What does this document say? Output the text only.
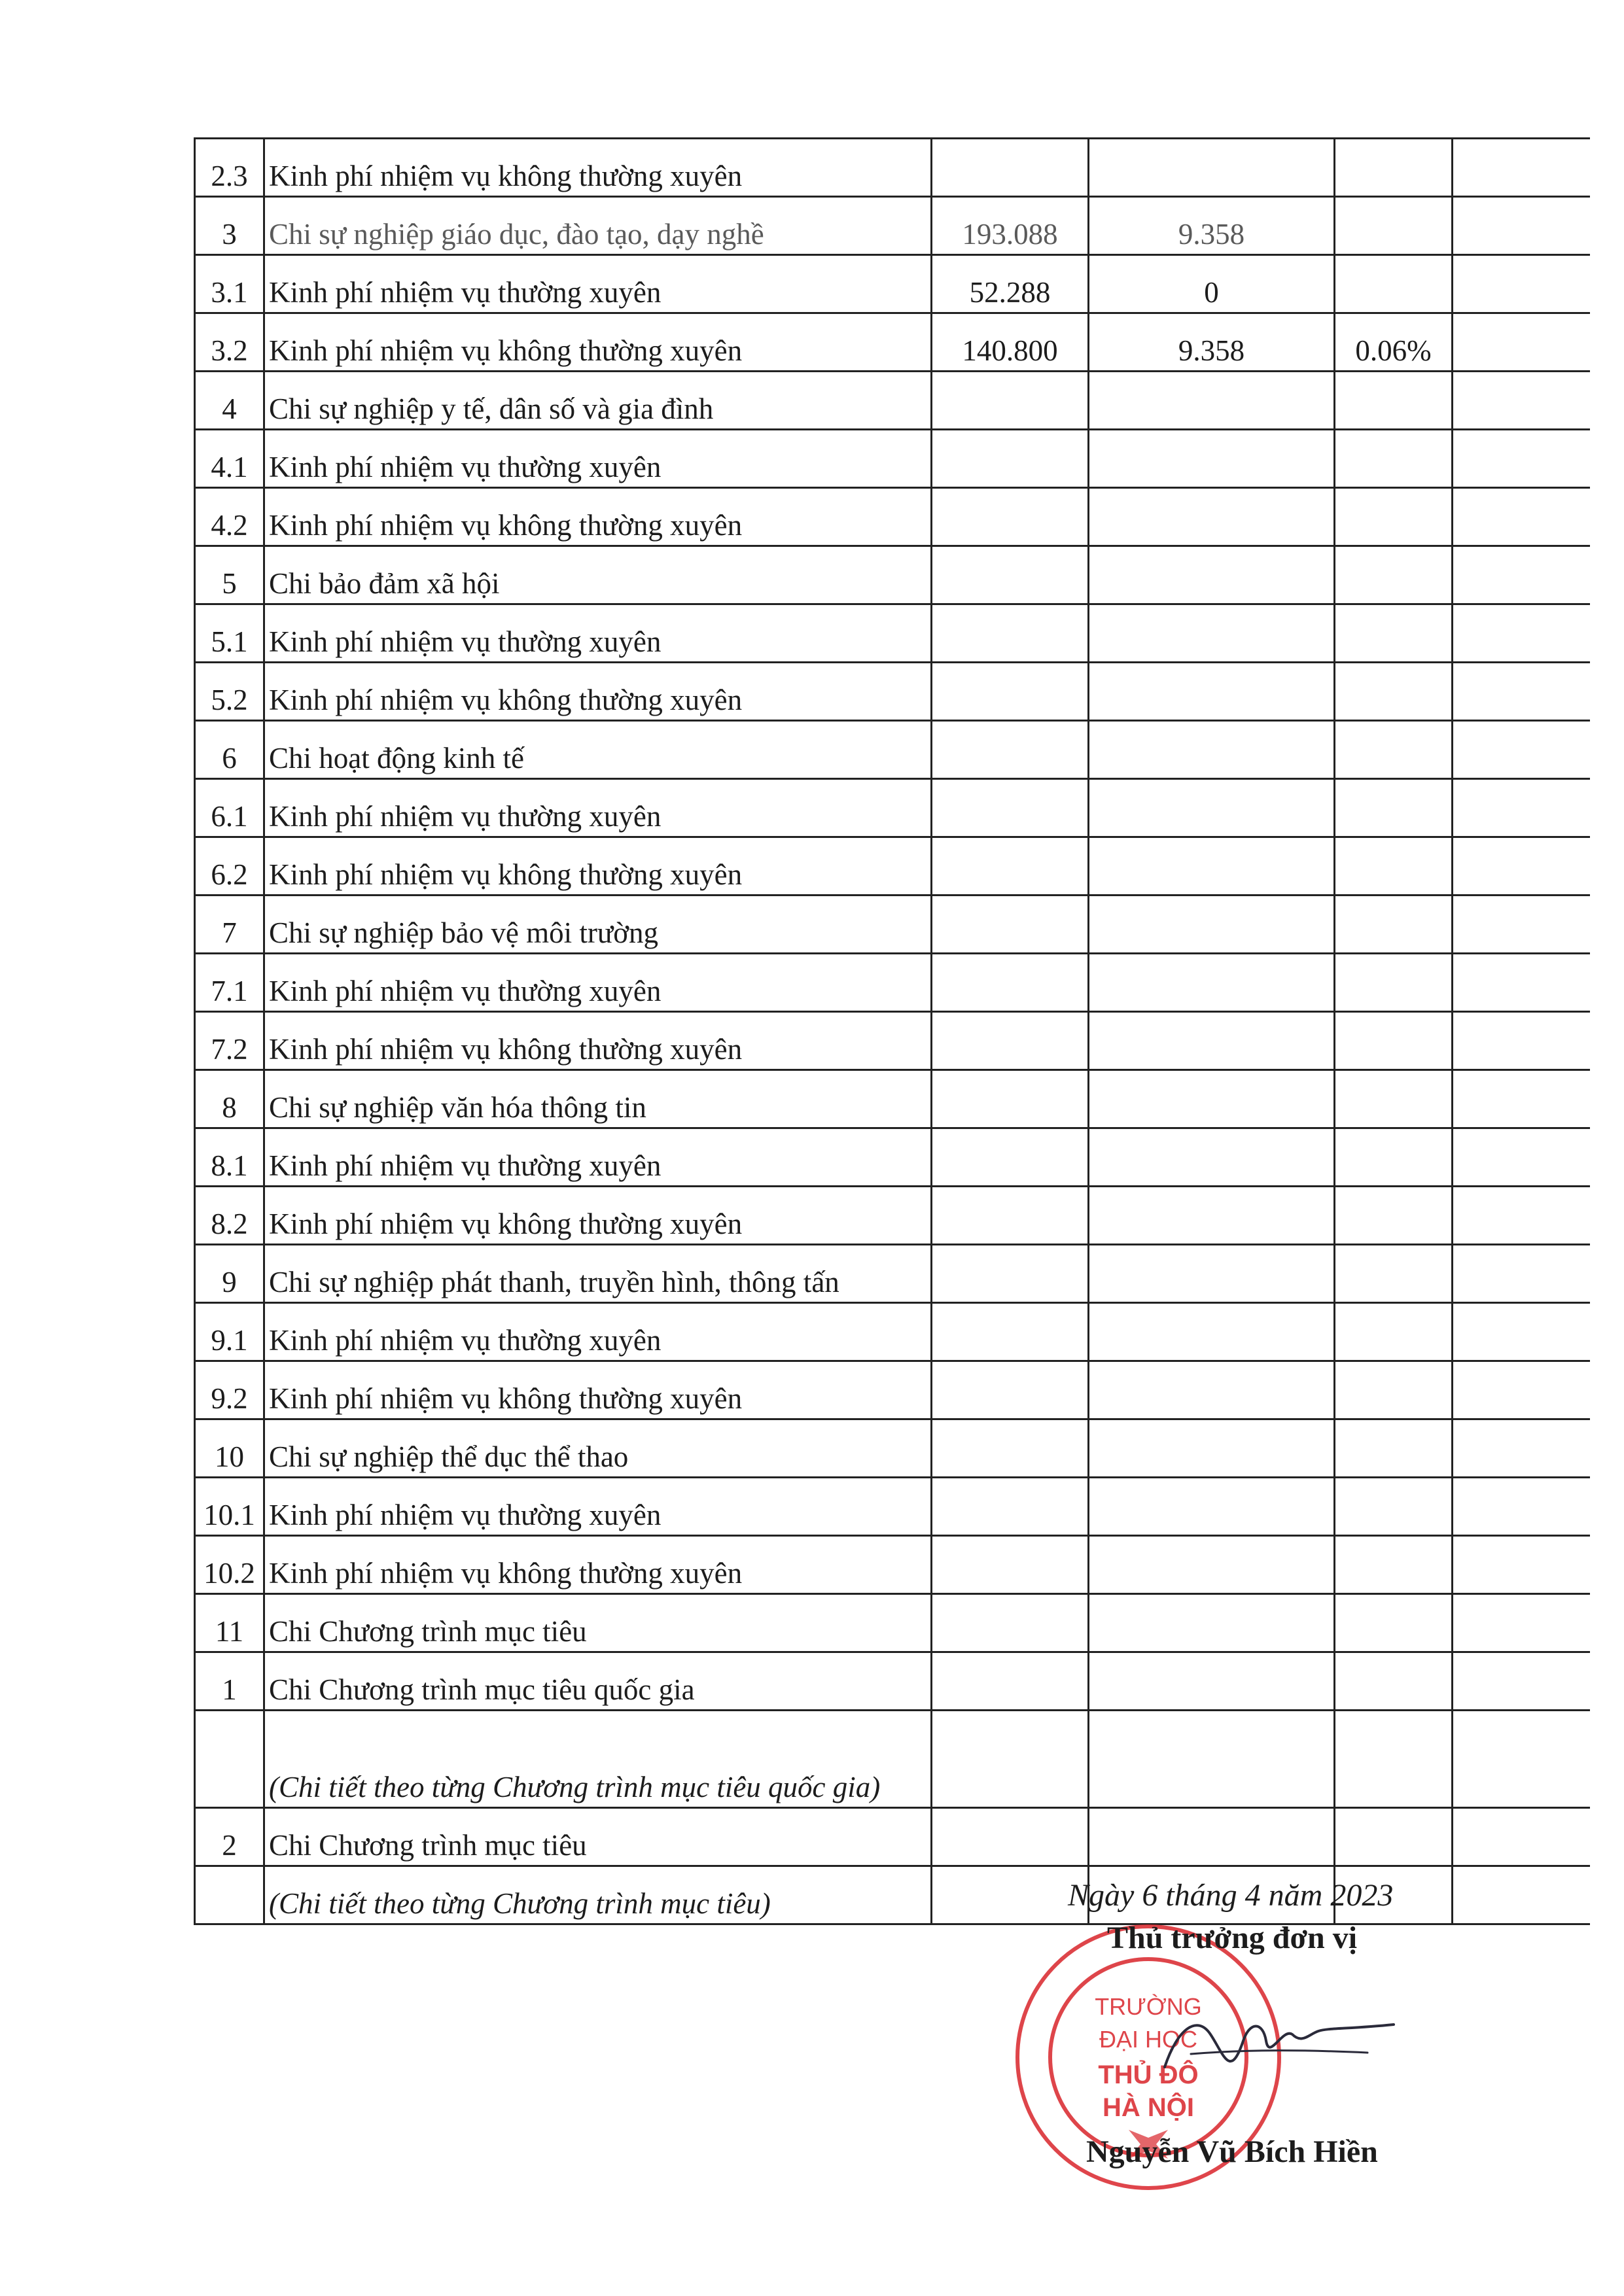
2.3	Kinh phí nhiệm vụ không thường xuyên				
3	Chi sự nghiệp giáo dục, đào tạo, dạy nghề	193.088	9.358		
3.1	Kinh phí nhiệm vụ thường xuyên	52.288	0		
3.2	Kinh phí nhiệm vụ không thường xuyên	140.800	9.358	0.06%	
4	Chi sự nghiệp y tế, dân số và gia đình				
4.1	Kinh phí nhiệm vụ thường xuyên				
4.2	Kinh phí nhiệm vụ không thường xuyên				
5	Chi bảo đảm xã hội				
5.1	Kinh phí nhiệm vụ thường xuyên				
5.2	Kinh phí nhiệm vụ không thường xuyên				
6	Chi hoạt động kinh tế				
6.1	Kinh phí nhiệm vụ thường xuyên				
6.2	Kinh phí nhiệm vụ không thường xuyên				
7	Chi sự nghiệp bảo vệ môi trường				
7.1	Kinh phí nhiệm vụ thường xuyên				
7.2	Kinh phí nhiệm vụ không thường xuyên				
8	Chi sự nghiệp văn hóa thông tin				
8.1	Kinh phí nhiệm vụ thường xuyên				
8.2	Kinh phí nhiệm vụ không thường xuyên				
9	Chi sự nghiệp phát thanh, truyền hình, thông tấn				
9.1	Kinh phí nhiệm vụ thường xuyên				
9.2	Kinh phí nhiệm vụ không thường xuyên				
10	Chi sự nghiệp thể dục thể thao				
10.1	Kinh phí nhiệm vụ thường xuyên				
10.2	Kinh phí nhiệm vụ không thường xuyên				
11	Chi Chương trình mục tiêu				
1	Chi Chương trình mục tiêu quốc gia				
	(Chi tiết theo từng Chương trình mục tiêu quốc gia)				
2	Chi Chương trình mục tiêu				
	(Chi tiết theo từng Chương trình mục tiêu)					Ngày 6 tháng 4 năm 2023
TRƯỜNG
ĐẠI HỌC
THỦ ĐÔ
HÀ NỘI
Thủ trưởng đơn vị
Nguyễn Vũ Bích Hiền
